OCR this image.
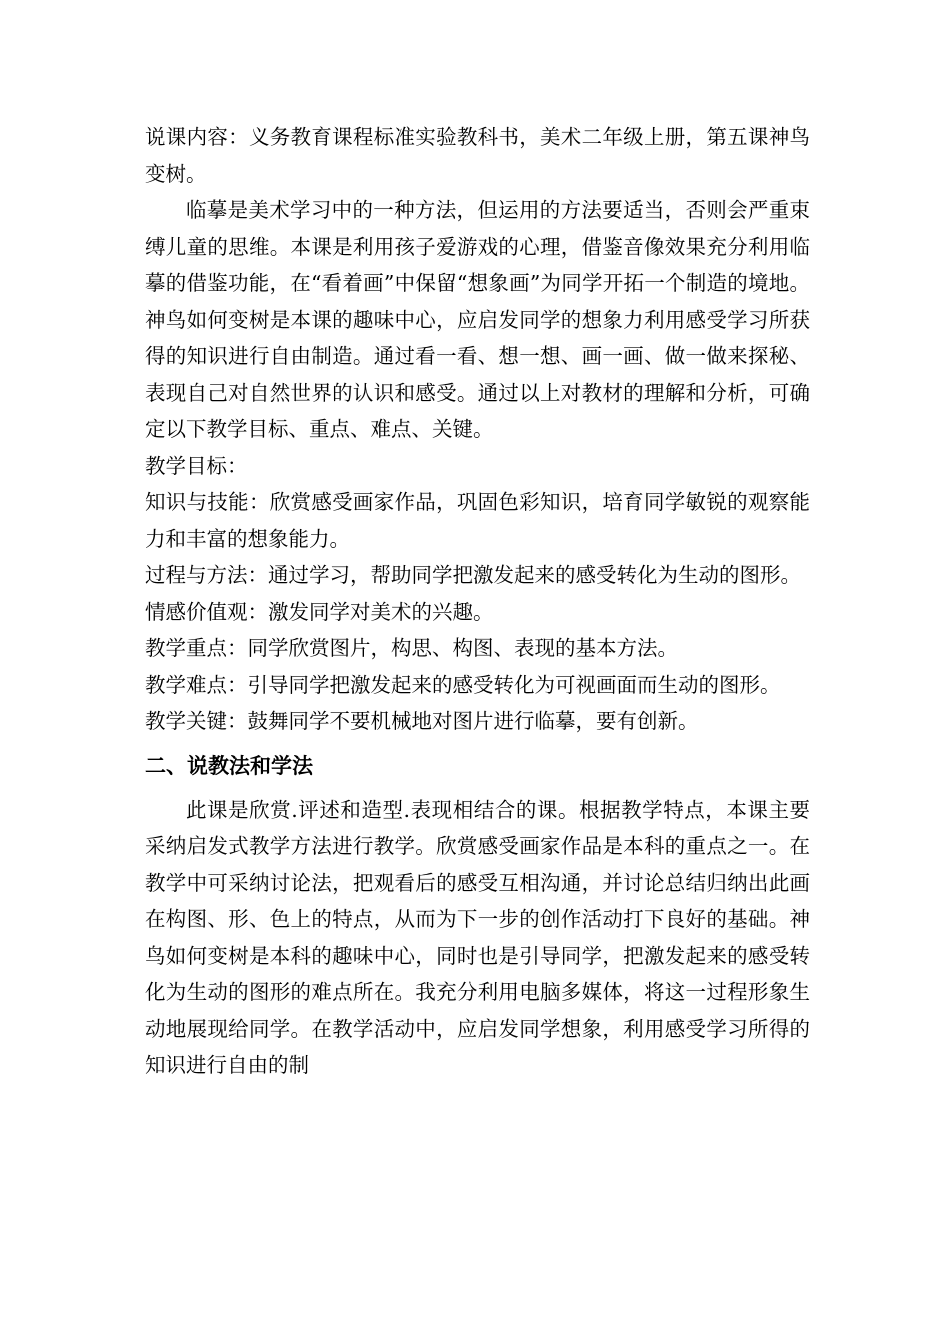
说课内容：义务教育课程标准实验教科书，美术二年级上册，第五课神鸟变树。

临摹是美术学习中的一种方法，但运用的方法要适当，否则会严重束缚儿童的思维。本课是利用孩子爱游戏的心理，借鉴音像效果充分利用临摹的借鉴功能，在“看着画”中保留“想象画”为同学开拓一个制造的境地。神鸟如何变树是本课的趣味中心，应启发同学的想象力利用感受学习所获得的知识进行自由制造。通过看一看、想一想、画一画、做一做来探秘、表现自己对自然世界的认识和感受。通过以上对教材的理解和分析，可确定以下教学目标、重点、难点、关键。

教学目标：

知识与技能：欣赏感受画家作品，巩固色彩知识，培育同学敏锐的观察能力和丰富的想象能力。

过程与方法：通过学习，帮助同学把激发起来的感受转化为生动的图形。

情感价值观：激发同学对美术的兴趣。

教学重点：同学欣赏图片，构思、构图、表现的基本方法。

教学难点：引导同学把激发起来的感受转化为可视画面而生动的图形。

教学关键：鼓舞同学不要机械地对图片进行临摹，要有创新。

二、说教法和学法

此课是欣赏.评述和造型.表现相结合的课。根据教学特点，本课主要采纳启发式教学方法进行教学。欣赏感受画家作品是本科的重点之一。在教学中可采纳讨论法，把观看后的感受互相沟通，并讨论总结归纳出此画在构图、形、色上的特点，从而为下一步的创作活动打下良好的基础。神鸟如何变树是本科的趣味中心，同时也是引导同学，把激发起来的感受转化为生动的图形的难点所在。我充分利用电脑多媒体，将这一过程形象生动地展现给同学。在教学活动中，应启发同学想象，利用感受学习所得的知识进行自由的制
